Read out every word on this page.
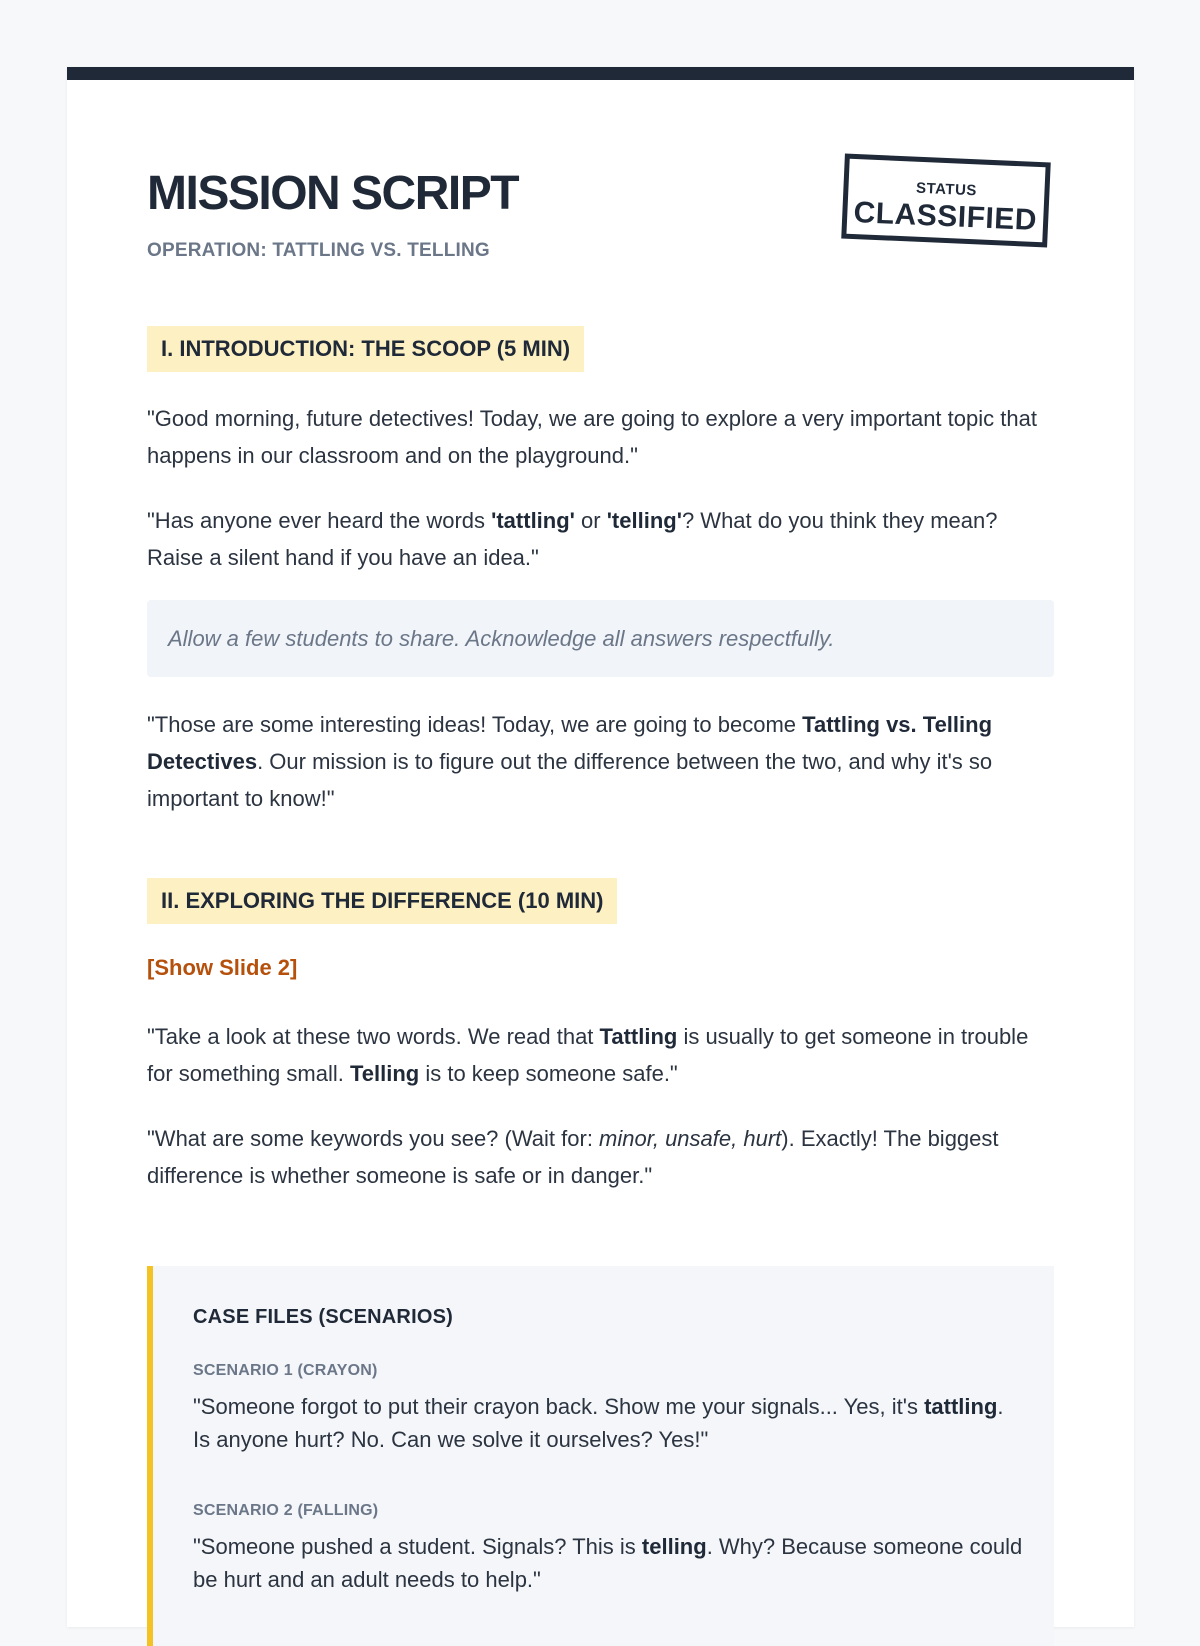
MISSION SCRIPT
OPERATION: TATTLING VS. TELLING
STATUS
CLASSIFIED
I. INTRODUCTION: THE SCOOP (5 MIN)

"Good morning, future detectives! Today, we are going to explore a very important topic that happens in our classroom and on the playground."

"Has anyone ever heard the words 'tattling' or 'telling'? What do you think they mean? Raise a silent hand if you have an idea."

Allow a few students to share. Acknowledge all answers respectfully.

"Those are some interesting ideas! Today, we are going to become Tattling vs. Telling Detectives. Our mission is to figure out the difference between the two, and why it's so important to know!"

II. EXPLORING THE DIFFERENCE (10 MIN)
[Show Slide 2]

"Take a look at these two words. We read that Tattling is usually to get someone in trouble for something small. Telling is to keep someone safe."

"What are some keywords you see? (Wait for: minor, unsafe, hurt). Exactly! The biggest difference is whether someone is safe or in danger."

CASE FILES (SCENARIOS)
SCENARIO 1 (CRAYON)

"Someone forgot to put their crayon back. Show me your signals... Yes, it's tattling. Is anyone hurt? No. Can we solve it ourselves? Yes!"

SCENARIO 2 (FALLING)

"Someone pushed a student. Signals? This is telling. Why? Because someone could be hurt and an adult needs to help."
